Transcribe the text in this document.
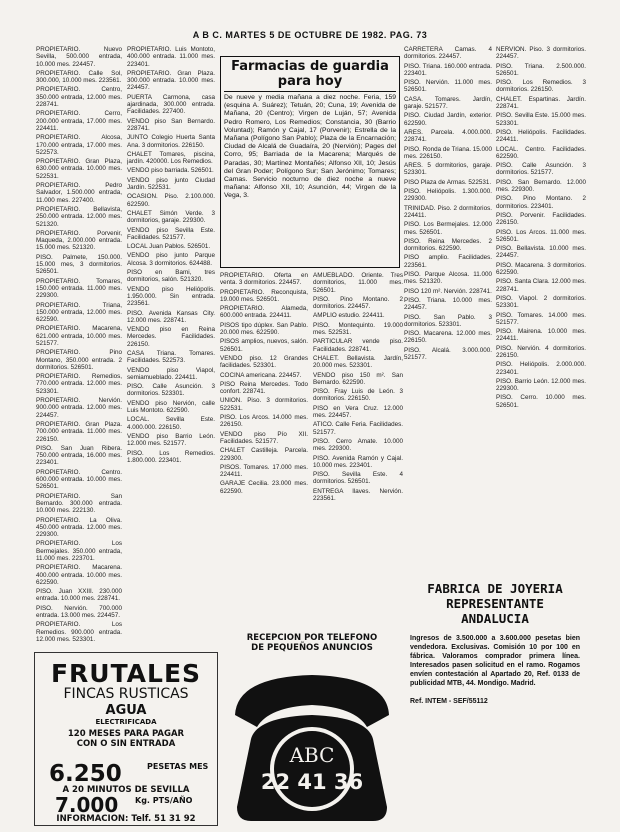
A B C. MARTES 5 DE OCTUBRE DE 1982. PAG. 73

PROPIETARIO. Nuevo Sevilla, 500.000 entrada, 10.000 mes. 224457.

PROPIETARIO. Calle Sol, 300.000, 10.000 mes. 223561.

PROPIETARIO. Centro, 350.000 entrada, 12.000 mes. 228741.

PROPIETARIO. Cerro, 200.000 entrada, 17.000 mes. 224411.

PROPIETARIO. Alcosa, 170.000 entrada, 17.000 mes. 522573.

PROPIETARIO. Gran Plaza, 630.000 entrada. 10.000 mes. 522531.

PROPIETARIO. Pedro Salvador, 1.500.000 entrada, 11.000 mes. 227400.

PROPIETARIO. Bellavista, 250.000 entrada. 12.000 mes. 521320.

PROPIETARIO. Porvenir, Maqueda, 2.000.000 entrada. 15.000 mes. 521320.

PISO. Palmete, 150.000. 15.000 mes, 3 dormitorios. 526501.

PROPIETARIO. Tomares, 150.000 entrada. 11.000 mes. 229300.

PROPIETARIO. Triana, 150.000 entrada, 12.000 mes. 622590.

PROPIETARIO. Macarena, 621.000 entrada, 10.000 mes. 521577.

PROPIETARIO. Pino Montano, 350.000 entrada. 2 dormitorios. 526501.

PROPIETARIO. Remedios, 770.000 entrada. 12.000 mes. 523301.

PROPIETARIO. Nervión. 900.000 entrada. 12.000 mes. 224457.

PROPIETARIO. Gran Plaza. 700.000 entrada. 11.000 mes. 226150.

PISO. San Juan Ribera. 750.000 entrada, 16.000 mes. 223401.

PROPIETARIO. Centro. 600.000 entrada. 10.000 mes. 526501.

PROPIETARIO. San Bernardo. 300.000 entrada. 10.000 mes. 222130.

PROPIETARIO. La Oliva. 450.000 entrada. 12.000 mes. 229300.

PROPIETARIO. Los Bermejales. 350.000 entrada, 11.000 mes. 223701.

PROPIETARIO. Macarena. 400.000 entrada. 10.000 mes. 622590.

PISO. Juan XXIII. 230.000 entrada. 10.000 mes. 228741.

PISO. Nervión. 700.000 entrada. 13.000 mes. 224457.

PROPIETARIO. Los Remedios. 900.000 entrada. 12.000 mes. 523301.

PROPIETARIO. Luis Montoto, 400.000 entrada. 11.000 mes. 223401.

PROPIETARIO. Gran Plaza. 300.000 entrada. 10.000 mes. 224457.

PUERTA Carmona, casa ajardinada, 300.000 entrada. Facilidades. 227400.

VENDO piso San Bernardo. 228741.

JUNTO Colegio Huerta Santa Ana. 3 dormitorios. 226150.

CHALET Tomares, piscina, jardín. 420000. Los Remedios.

VENDO piso barriada. 526501.

VENDO piso junto Ciudad Jardín. 522531.

OCASION. Piso. 2.100.000. 622590.

CHALET Simón Verde. 3 dormitorios, garaje. 229300.

VENDO piso Sevilla Este. Facilidades. 521577.

LOCAL Juan Pablos. 526501.

VENDO piso junto Parque Alcosa. 3 dormitorios. 624488.

PISO en Bami, tres dormitorios, salón. 521320.

VENDO piso Heliópolis. 1.950.000. Sin entrada. 223561.

PISO. Avenida Kansas City. 12.000 mes. 228741.

VENDO piso en Reina Mercedes. Facilidades. 226150.

CASA Triana. Tomares. Facilidades. 522573.

VENDO piso Viapol, semiamueblado. 224411.

PISO. Calle Asunción. 3 dormitorios. 523301.

VENDO piso Nervión, calle Luis Montoto. 622590.

LOCAL. Sevilla Este. 4.000.000. 226150.

VENDO piso Barrio León. 12.000 mes. 521577.

PISO. Los Remedios. 1.800.000. 223401.

Farmacias de guardia para hoy
De nueve y media mañana a diez noche. Feria, 159 (esquina A. Suárez); Tetuán, 20; Cuna, 19; Avenida de Mañana, 20 (Centro); Virgen de Luján, 57; Avenida Pedro Romero, Los Remedios; Constancia, 30 (Barrio Voluntad); Ramón y Cajal, 17 (Porvenir); Estrella de la Mañana (Polígono San Pablo); Plaza de la Encarnación; Ciudad de Alcalá de Guadaíra, 20 (Nervión); Pages del Corro, 95; Barriada de la Macarena; Marqués de Paradas, 30; Martínez Montañés; Alfonso XII, 10; Jesús del Gran Poder; Polígono Sur; San Jerónimo; Tomares; Camas. Servicio nocturno de diez noche a nueve mañana: Alfonso XII, 10; Asunción, 44; Virgen de la Vega, 3.

PROPIETARIO. Oferta en venta. 3 dormitorios. 224457.

PROPIETARIO. Reconquista, 19.000 mes. 526501.

PROPIETARIO. Alameda, 600.000 entrada. 224411.

PISOS tipo dúplex. San Pablo. 20.000 mes. 622590.

PISOS amplios, nuevos, salón. 526501.

VENDO piso. 12 Grandes facilidades. 523301.

COCINA americana. 224457.

PISO Reina Mercedes. Todo confort. 228741.

UNION. Piso. 3 dormitorios. 522531.

PISO. Los Arcos. 14.000 mes. 226150.

VENDO piso Pío XII. Facilidades. 521577.

CHALET Castilleja. Parcela. 229300.

PISOS. Tomares. 17.000 mes. 224411.

GARAJE Cecilia. 23.000 mes. 622590.

AMUEBLADO. Oriente. Tres dormitorios, 11.000 mes. 526501.

PISO. Pino Montano. 2 dormitorios. 224457.

AMPLIO estudio. 224411.

PISO. Montequinto. 19.000 mes. 522531.

PARTICULAR vende piso. Facilidades. 228741.

CHALET. Bellavista. Jardín, 20.000 mes. 523301.

VENDO piso 150 m². San Bernardo. 622590.

PISO. Fray Luis de León. 3 dormitorios. 226150.

PISO en Vera Cruz. 12.000 mes. 224457.

ATICO. Calle Feria. Facilidades. 521577.

PISO. Cerro Amate. 10.000 mes. 229300.

PISO. Avenida Ramón y Cajal. 10.000 mes. 223401.

PISO. Sevilla Este. 4 dormitorios. 526501.

ENTREGA llaves. Nervión. 223561.

CARRETERA Camas. 4 dormitorios. 224457.

PISO. Triana. 160.000 entrada. 223401.

PISO. Nervión. 11.000 mes. 526501.

CASA. Tomares. Jardín, garaje. 521577.

PISO. Ciudad Jardín, exterior. 622590.

ARES. Parcela. 4.000.000. 228741.

PISO. Ronda de Triana. 15.000 mes. 226150.

ARES. 5 dormitorios, garaje. 523301.

PISO Plaza de Armas. 522531.

PISO. Heliópolis. 1.300.000. 229300.

TRINIDAD. Piso. 2 dormitorios. 224411.

PISO. Los Bermejales. 12.000 mes. 526501.

PISO. Reina Mercedes. 2 dormitorios. 622590.

PISO amplio. Facilidades. 223561.

PISO. Parque Alcosa. 11.000 mes. 521320.

PISO 120 m². Nervión. 228741.

PISO. Triana. 10.000 mes. 224457.

PISO. San Pablo. 3 dormitorios. 523301.

PISO. Macarena. 12.000 mes. 226150.

PISO. Alcalá. 3.000.000. 521577.

NERVION. Piso. 3 dormitorios. 224457.

PISO. Triana. 2.500.000. 526501.

PISO. Los Remedios. 3 dormitorios. 226150.

CHALET. Espartinas. Jardín. 228741.

PISO. Sevilla Este. 15.000 mes. 523301.

PISO. Heliópolis. Facilidades. 224411.

LOCAL. Centro. Facilidades. 622590.

PISO. Calle Asunción. 3 dormitorios. 521577.

PISO. San Bernardo. 12.000 mes. 229300.

PISO. Pino Montano. 2 dormitorios. 223401.

PISO. Porvenir. Facilidades. 226150.

PISO. Los Arcos. 11.000 mes. 526501.

PISO. Bellavista. 10.000 mes. 224457.

PISO. Macarena. 3 dormitorios. 622590.

PISO. Santa Clara. 12.000 mes. 228741.

PISO. Viapol. 2 dormitorios. 523301.

PISO. Tomares. 14.000 mes. 521577.

PISO. Mairena. 10.000 mes. 224411.

PISO. Nervión. 4 dormitorios. 226150.

PISO. Heliópolis. 2.000.000. 223401.

PISO. Barrio León. 12.000 mes. 229300.

PISO. Cerro. 10.000 mes. 526501.

FRUTALES
FINCAS RUSTICAS
AGUA
ELECTRIFICADA
120 MESES PARA PAGAR
CON O SIN ENTRADA
6.250	PESETAS MES
A 20 MINUTOS DE SEVILLA
7.000 Kg. PTS/AÑO
INFORMACION: Telf. 51 31 92
RECEPCION POR TELEFONO
DE PEQUEÑOS ANUNCIOS
ABC
22 41 36
FABRICA DE JOYERIA
REPRESENTANTE
ANDALUCIA
Ingresos de 3.500.000 a 3.600.000 pesetas bien vendedora. Exclusivas. Comisión 10 por 100 en fábrica. Valoramos comprador primera línea. Interesados pasen solicitud en el ramo. Rogamos envíen contestación al Apartado 20, Ref. 0133 de publicidad MTB, 44. Mondigo. Madrid.
Ref. INTEM - SEF/55112
